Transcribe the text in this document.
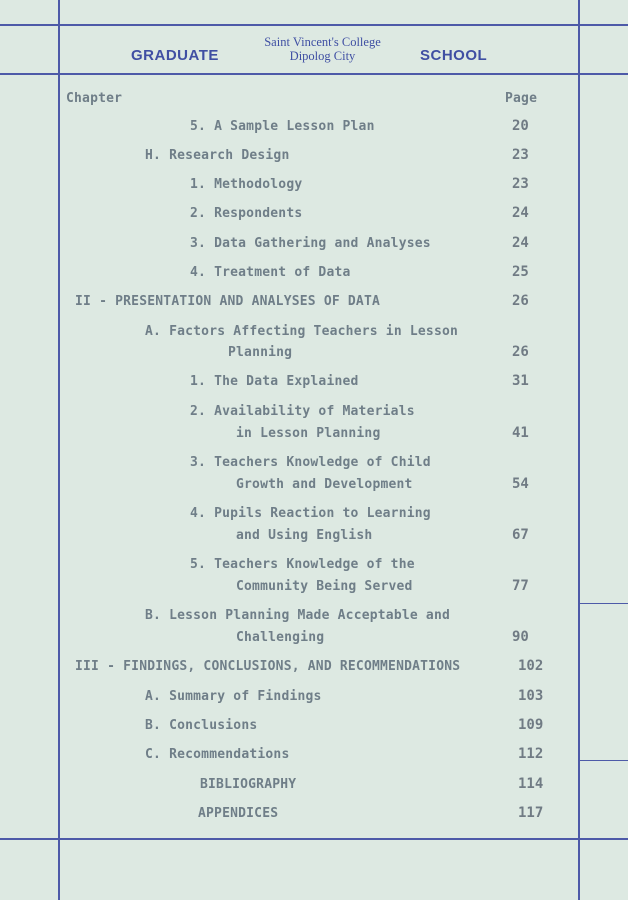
GRADUATE
Saint Vincent's College
Dipolog City	SCHOOL
Chapter	Page
5. A Sample Lesson Plan	20
H. Research Design	23
1. Methodology	23
2. Respondents	24
3. Data Gathering and Analyses	24
4. Treatment of Data	25
II - PRESENTATION AND ANALYSES OF DATA	26
A. Factors Affecting Teachers in Lesson
Planning	26
1. The Data Explained	31
2. Availability of Materials
in Lesson Planning	41
3. Teachers Knowledge of Child
Growth and Development	54
4. Pupils Reaction to Learning
and Using English	67
5. Teachers Knowledge of the
Community Being Served	77
B. Lesson Planning Made Acceptable and
Challenging	90
III - FINDINGS, CONCLUSIONS, AND RECOMMENDATIONS	102
A. Summary of Findings	103
B. Conclusions	109
C. Recommendations	112
BIBLIOGRAPHY	114
APPENDICES	117
